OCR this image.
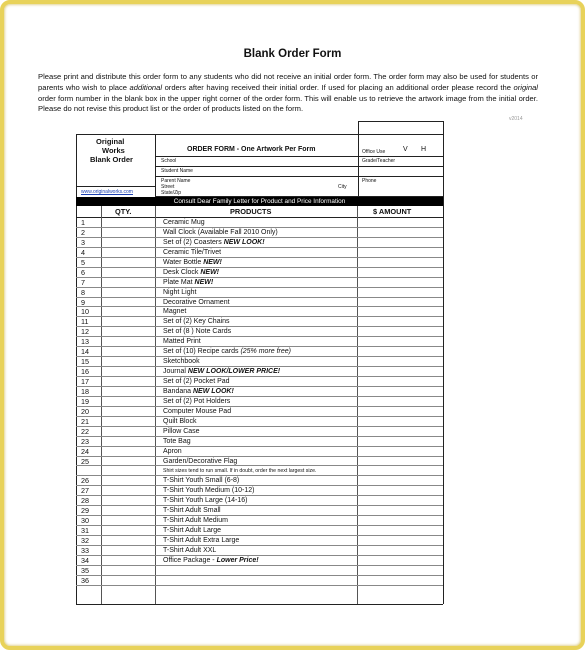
Blank Order Form
Please print and distribute this order form to any students who did not receive an initial order form. The order form may also be used for students or parents who wish to place additional orders after having received their initial order. If used for placing an additional order please record the original order form number in the blank box in the upper right corner of the order form. This will enable us to retrieve the artwork image from the initial order. Please do not revise this product list or the order of products listed on the form.
v2014
Original
Works
Blank Order
www.originalworks.com
ORDER FORM - One Artwork Per Form	Office Use	V H
School	Grade/Teacher
Student Name
Parent Name	Phone
Street	City
State/Zip
Consult Dear Family Letter for Product and Price Information
QTY.	PRODUCTS	$ AMOUNT
1	Ceramic Mug
2	Wall Clock (Available Fall 2010 Only)
3	Set of (2) Coasters NEW LOOK!
4	Ceramic Tile/Trivet
5	Water Bottle NEW!
6	Desk Clock NEW!
7	Plate Mat NEW!
8	Night Light
9	Decorative Ornament
10	Magnet
11	Set of (2) Key Chains
12	Set of (8 ) Note Cards
13	Matted Print
14	Set of (10) Recipe cards (25% more free)
15	Sketchbook
16	Journal NEW LOOK/LOWER PRICE!
17	Set of (2) Pocket Pad
18	Bandana NEW LOOK!
19	Set of (2) Pot Holders
20	Computer Mouse Pad
21	Quilt Block
22	Pillow Case
23	Tote Bag
24	Apron
25	Garden/Decorative Flag
Shirt sizes tend to run small. If in doubt, order the next largest size.
26	T-Shirt Youth Small (6-8)
27	T-Shirt Youth Medium (10-12)
28	T-Shirt Youth Large (14-16)
29	T-Shirt Adult Small
30	T-Shirt Adult Medium
31	T-Shirt Adult Large
32	T-Shirt Adult Extra Large
33	T-Shirt Adult XXL
34	Office Package - Lower Price!
35
36
